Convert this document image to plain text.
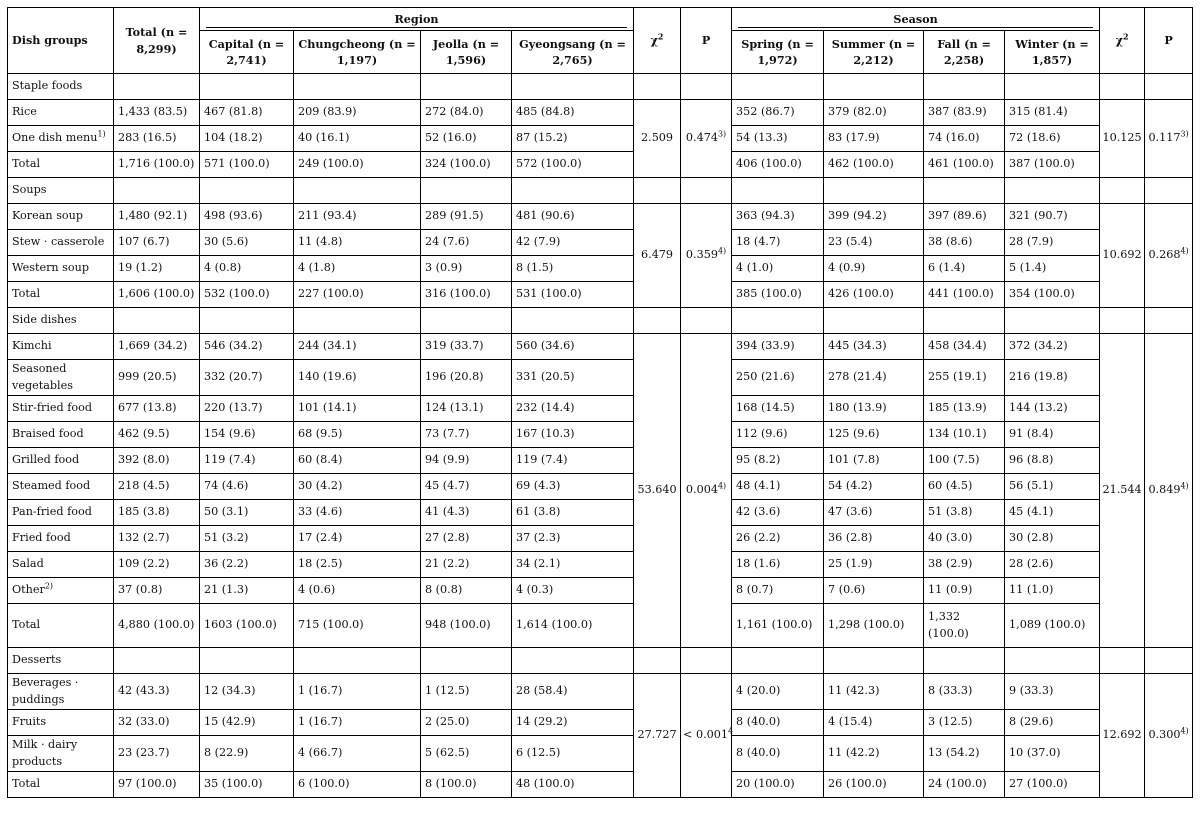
Dish groups	Total (n = 8,299)	Region				$\chi^2$	P	Season				$\chi^2$	P
		Capital (n = 2,741)	Chungcheong (n = 1,197)	Jeolla (n = 1,596)	Gyeongsang (n = 2,765)			Spring (n = 1,972)	Summer (n = 2,212)	Fall (n = 2,258)	Winter (n = 1,857)		
Staple foods													
Rice	1,433 (83.5)	467 (81.8)	209 (83.9)	272 (84.0)	485 (84.8)	2.509	0.474$^{3)}$	352 (86.7)	379 (82.0)	387 (83.9)	315 (81.4)	10.125	0.117$^{3)}$
One dish menu$^{1)}$	283 (16.5)	104 (18.2)	40 (16.1)	52 (16.0)	87 (15.2)			54 (13.3)	83 (17.9)	74 (16.0)	72 (18.6)		
Total	1,716 (100.0)	571 (100.0)	249 (100.0)	324 (100.0)	572 (100.0)			406 (100.0)	462 (100.0)	461 (100.0)	387 (100.0)		
Soups													
Korean soup	1,480 (92.1)	498 (93.6)	211 (93.4)	289 (91.5)	481 (90.6)	6.479	0.359$^{4)}$	363 (94.3)	399 (94.2)	397 (89.6)	321 (90.7)	10.692	0.268$^{4)}$
Stew · casserole	107 (6.7)	30 (5.6)	11 (4.8)	24 (7.6)	42 (7.9)			18 (4.7)	23 (5.4)	38 (8.6)	28 (7.9)		
Western soup	19 (1.2)	4 (0.8)	4 (1.8)	3 (0.9)	8 (1.5)			4 (1.0)	4 (0.9)	6 (1.4)	5 (1.4)		
Total	1,606 (100.0)	532 (100.0)	227 (100.0)	316 (100.0)	531 (100.0)			385 (100.0)	426 (100.0)	441 (100.0)	354 (100.0)		
Side dishes													
Kimchi	1,669 (34.2)	546 (34.2)	244 (34.1)	319 (33.7)	560 (34.6)	53.640	0.004$^{4)}$	394 (33.9)	445 (34.3)	458 (34.4)	372 (34.2)	21.544	0.849$^{4)}$
Seasoned vegetables	999 (20.5)	332 (20.7)	140 (19.6)	196 (20.8)	331 (20.5)			250 (21.6)	278 (21.4)	255 (19.1)	216 (19.8)		
Stir-fried food	677 (13.8)	220 (13.7)	101 (14.1)	124 (13.1)	232 (14.4)			168 (14.5)	180 (13.9)	185 (13.9)	144 (13.2)		
Braised food	462 (9.5)	154 (9.6)	68 (9.5)	73 (7.7)	167 (10.3)			112 (9.6)	125 (9.6)	134 (10.1)	91 (8.4)		
Grilled food	392 (8.0)	119 (7.4)	60 (8.4)	94 (9.9)	119 (7.4)			95 (8.2)	101 (7.8)	100 (7.5)	96 (8.8)		
Steamed food	218 (4.5)	74 (4.6)	30 (4.2)	45 (4.7)	69 (4.3)			48 (4.1)	54 (4.2)	60 (4.5)	56 (5.1)		
Pan-fried food	185 (3.8)	50 (3.1)	33 (4.6)	41 (4.3)	61 (3.8)			42 (3.6)	47 (3.6)	51 (3.8)	45 (4.1)		
Fried food	132 (2.7)	51 (3.2)	17 (2.4)	27 (2.8)	37 (2.3)			26 (2.2)	36 (2.8)	40 (3.0)	30 (2.8)		
Salad	109 (2.2)	36 (2.2)	18 (2.5)	21 (2.2)	34 (2.1)			18 (1.6)	25 (1.9)	38 (2.9)	28 (2.6)		
Other$^{2)}$	37 (0.8)	21 (1.3)	4 (0.6)	8 (0.8)	4 (0.3)			8 (0.7)	7 (0.6)	11 (0.9)	11 (1.0)		
Total	4,880 (100.0)	1603 (100.0)	715 (100.0)	948 (100.0)	1,614 (100.0)			1,161 (100.0)	1,298 (100.0)	1,332 (100.0)	1,089 (100.0)		
Desserts													
Beverages · puddings	42 (43.3)	12 (34.3)	1 (16.7)	1 (12.5)	28 (58.4)	27.727	< $0.001^4$	4 (20.0)	11 (42.3)	8 (33.3)	9 (33.3)	12.692	0.300$^{4)}$
Fruits	32 (33.0)	15 (42.9)	1 (16.7)	2 (25.0)	14 (29.2)			8 (40.0)	4 (15.4)	3 (12.5)	8 (29.6)		
Milk · dairy products	23 (23.7)	8 (22.9)	4 (66.7)	5 (62.5)	6 (12.5)			8 (40.0)	11 (42.2)	13 (54.2)	10 (37.0)		
Total	97 (100.0)	35 (100.0)	6 (100.0)	8 (100.0)	48 (100.0)			20 (100.0)	26 (100.0)	24 (100.0)	27 (100.0)		
